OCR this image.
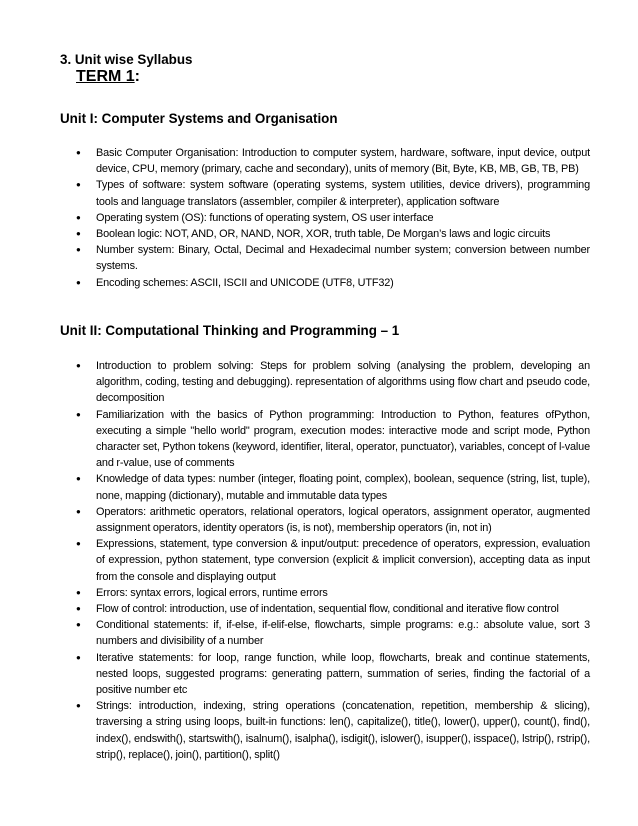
3. Unit wise Syllabus
TERM 1:
Unit I: Computer Systems and Organisation
● Basic Computer Organisation: Introduction to computer system, hardware, software, input device, output device, CPU, memory (primary, cache and secondary), units of memory (Bit, Byte, KB, MB, GB, TB, PB)
● Types of software: system software (operating systems, system utilities, device drivers), programming tools and language translators (assembler, compiler & interpreter), application software
● Operating system (OS): functions of operating system, OS user interface
● Boolean logic: NOT, AND, OR, NAND, NOR, XOR, truth table, De Morgan’s laws and logic circuits
● Number system: Binary, Octal, Decimal and Hexadecimal number system; conversion between number systems.
● Encoding schemes: ASCII, ISCII and UNICODE (UTF8, UTF32)
Unit II: Computational Thinking and Programming – 1
● Introduction to problem solving: Steps for problem solving (analysing the problem, developing an algorithm, coding, testing and debugging). representation of algorithms using flow chart and pseudo code, decomposition
● Familiarization with the basics of Python programming: Introduction to Python, features ofPython, executing a simple "hello world" program, execution modes: interactive mode and script mode, Python character set, Python tokens (keyword, identifier, literal, operator, punctuator), variables, concept of l-value and r-value, use of comments
● Knowledge of data types: number (integer, floating point, complex), boolean, sequence (string, list, tuple), none, mapping (dictionary), mutable and immutable data types
● Operators: arithmetic operators, relational operators, logical operators, assignment operator, augmented assignment operators, identity operators (is, is not), membership operators (in, not in)
● Expressions, statement, type conversion & input/output: precedence of operators, expression, evaluation of expression, python statement, type conversion (explicit & implicit conversion), accepting data as input from the console and displaying output
● Errors: syntax errors, logical errors, runtime errors
● Flow of control: introduction, use of indentation, sequential flow, conditional and iterative flow control
● Conditional statements: if, if-else, if-elif-else, flowcharts, simple programs: e.g.: absolute value, sort 3 numbers and divisibility of a number
● Iterative statements: for loop, range function, while loop, flowcharts, break and continue statements, nested loops, suggested programs: generating pattern, summation of series, finding the factorial of a positive number etc
● Strings: introduction, indexing, string operations (concatenation, repetition, membership & slicing), traversing a string using loops, built-in functions: len(), capitalize(), title(), lower(), upper(), count(), find(), index(), endswith(), startswith(), isalnum(), isalpha(), isdigit(), islower(), isupper(), isspace(), lstrip(), rstrip(), strip(), replace(), join(), partition(), split()
